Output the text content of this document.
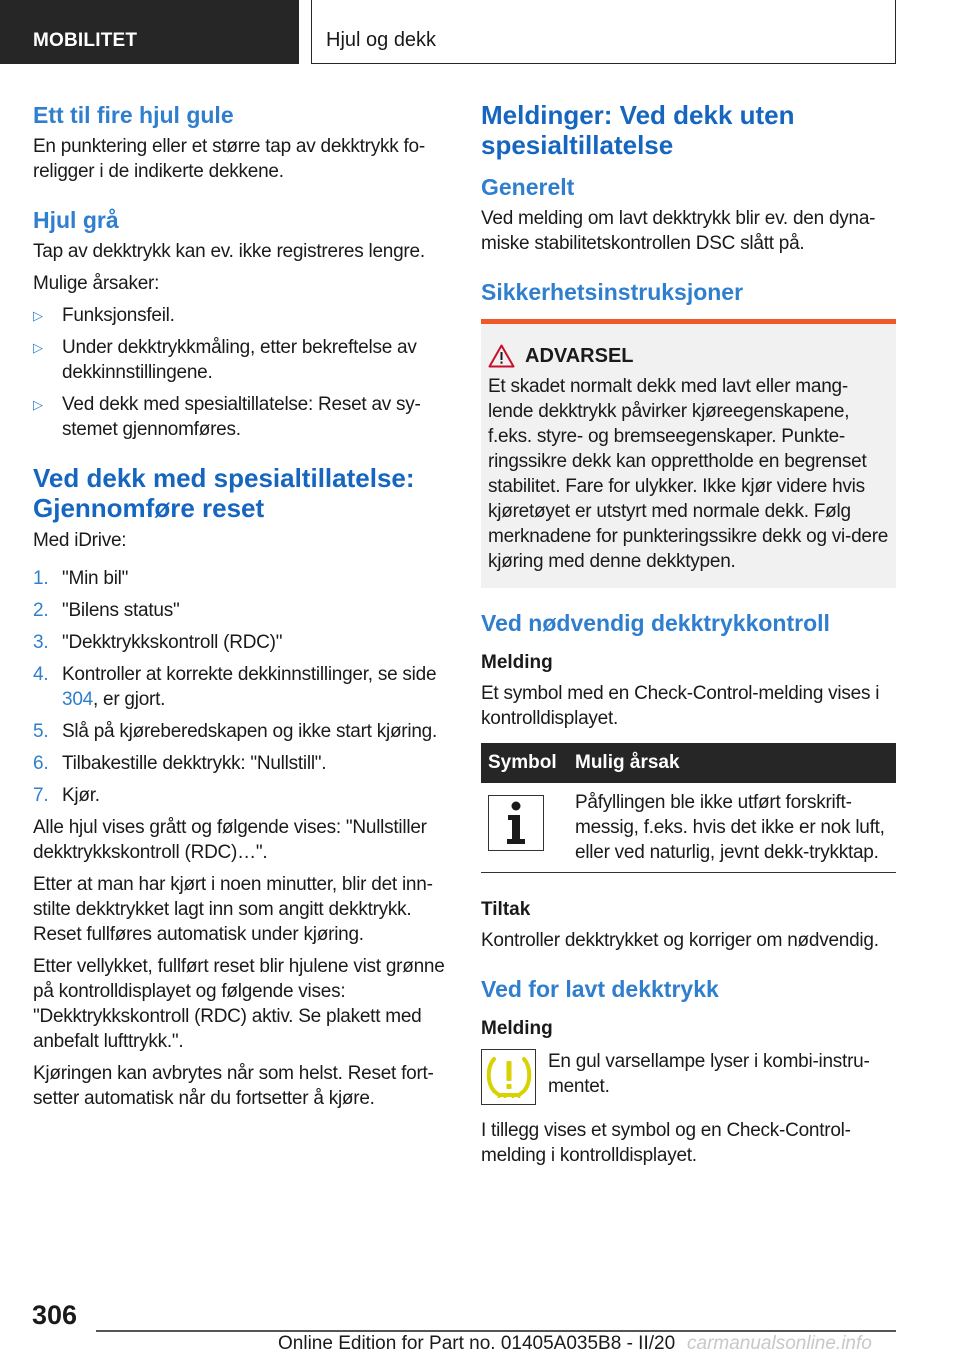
MOBILITET	Hjul og dekk
Ett til fire hjul gule

En punktering eller et større tap av dekktrykk fo-religger i de indikerte dekkene.

Hjul grå

Tap av dekktrykk kan ev. ikke registreres lengre.

Mulige årsaker:

▷ Funksjonsfeil.
▷ Under dekktrykkmåling, etter bekreftelse av dekkinnstillingene.
▷ Ved dekk med spesialtillatelse: Reset av sy-stemet gjennomføres.
Ved dekk med spesialtillatelse: Gjennomføre reset

Med iDrive:

1. "Min bil"
2. "Bilens status"
3. "Dekktrykkskontroll (RDC)"
4. Kontroller at korrekte dekkinnstillinger, se side 304, er gjort.
5. Slå på kjøreberedskapen og ikke start kjøring.
6. Tilbakestille dekktrykk: "Nullstill".
7. Kjør.

Alle hjul vises grått og følgende vises: "Nullstiller dekktrykkskontroll (RDC)…".

Etter at man har kjørt i noen minutter, blir det inn-stilte dekktrykket lagt inn som angitt dekktrykk. Reset fullføres automatisk under kjøring.

Etter vellykket, fullført reset blir hjulene vist grønne på kontrolldisplayet og følgende vises: "Dekktrykkskontroll (RDC) aktiv. Se plakett med anbefalt lufttrykk.".

Kjøringen kan avbrytes når som helst. Reset fort-setter automatisk når du fortsetter å kjøre.

Meldinger: Ved dekk uten spesialtillatelse
Generelt

Ved melding om lavt dekktrykk blir ev. den dyna-miske stabilitetskontrollen DSC slått på.

Sikkerhetsinstruksjoner
ADVARSEL

Et skadet normalt dekk med lavt eller mang-lende dekktrykk påvirker kjøreegenskapene, f.eks. styre- og bremseegenskaper. Punkte-ringssikre dekk kan opprettholde en begrenset stabilitet. Fare for ulykker. Ikke kjør videre hvis kjøretøyet er utstyrt med normale dekk. Følg merknadene for punkteringssikre dekk og vi-dere kjøring med denne dekktypen.

Ved nødvendig dekktrykkontroll
Melding

Et symbol med en Check-Control-melding vises i kontrolldisplayet.

Symbol	Mulig årsak

	Påfyllingen ble ikke utført forskrift-messig, f.eks. hvis det ikke er nok luft, eller ved naturlig, jevnt dekk-trykktap.
Tiltak

Kontroller dekktrykket og korriger om nødvendig.

Ved for lavt dekktrykk
Melding

En gul varsellampe lyser i kombi-instru-mentet.

I tillegg vises et symbol og en Check-Control-melding i kontrolldisplayet.

306
Online Edition for Part no. 01405A035B8 - II/20 carmanualsonline.info
